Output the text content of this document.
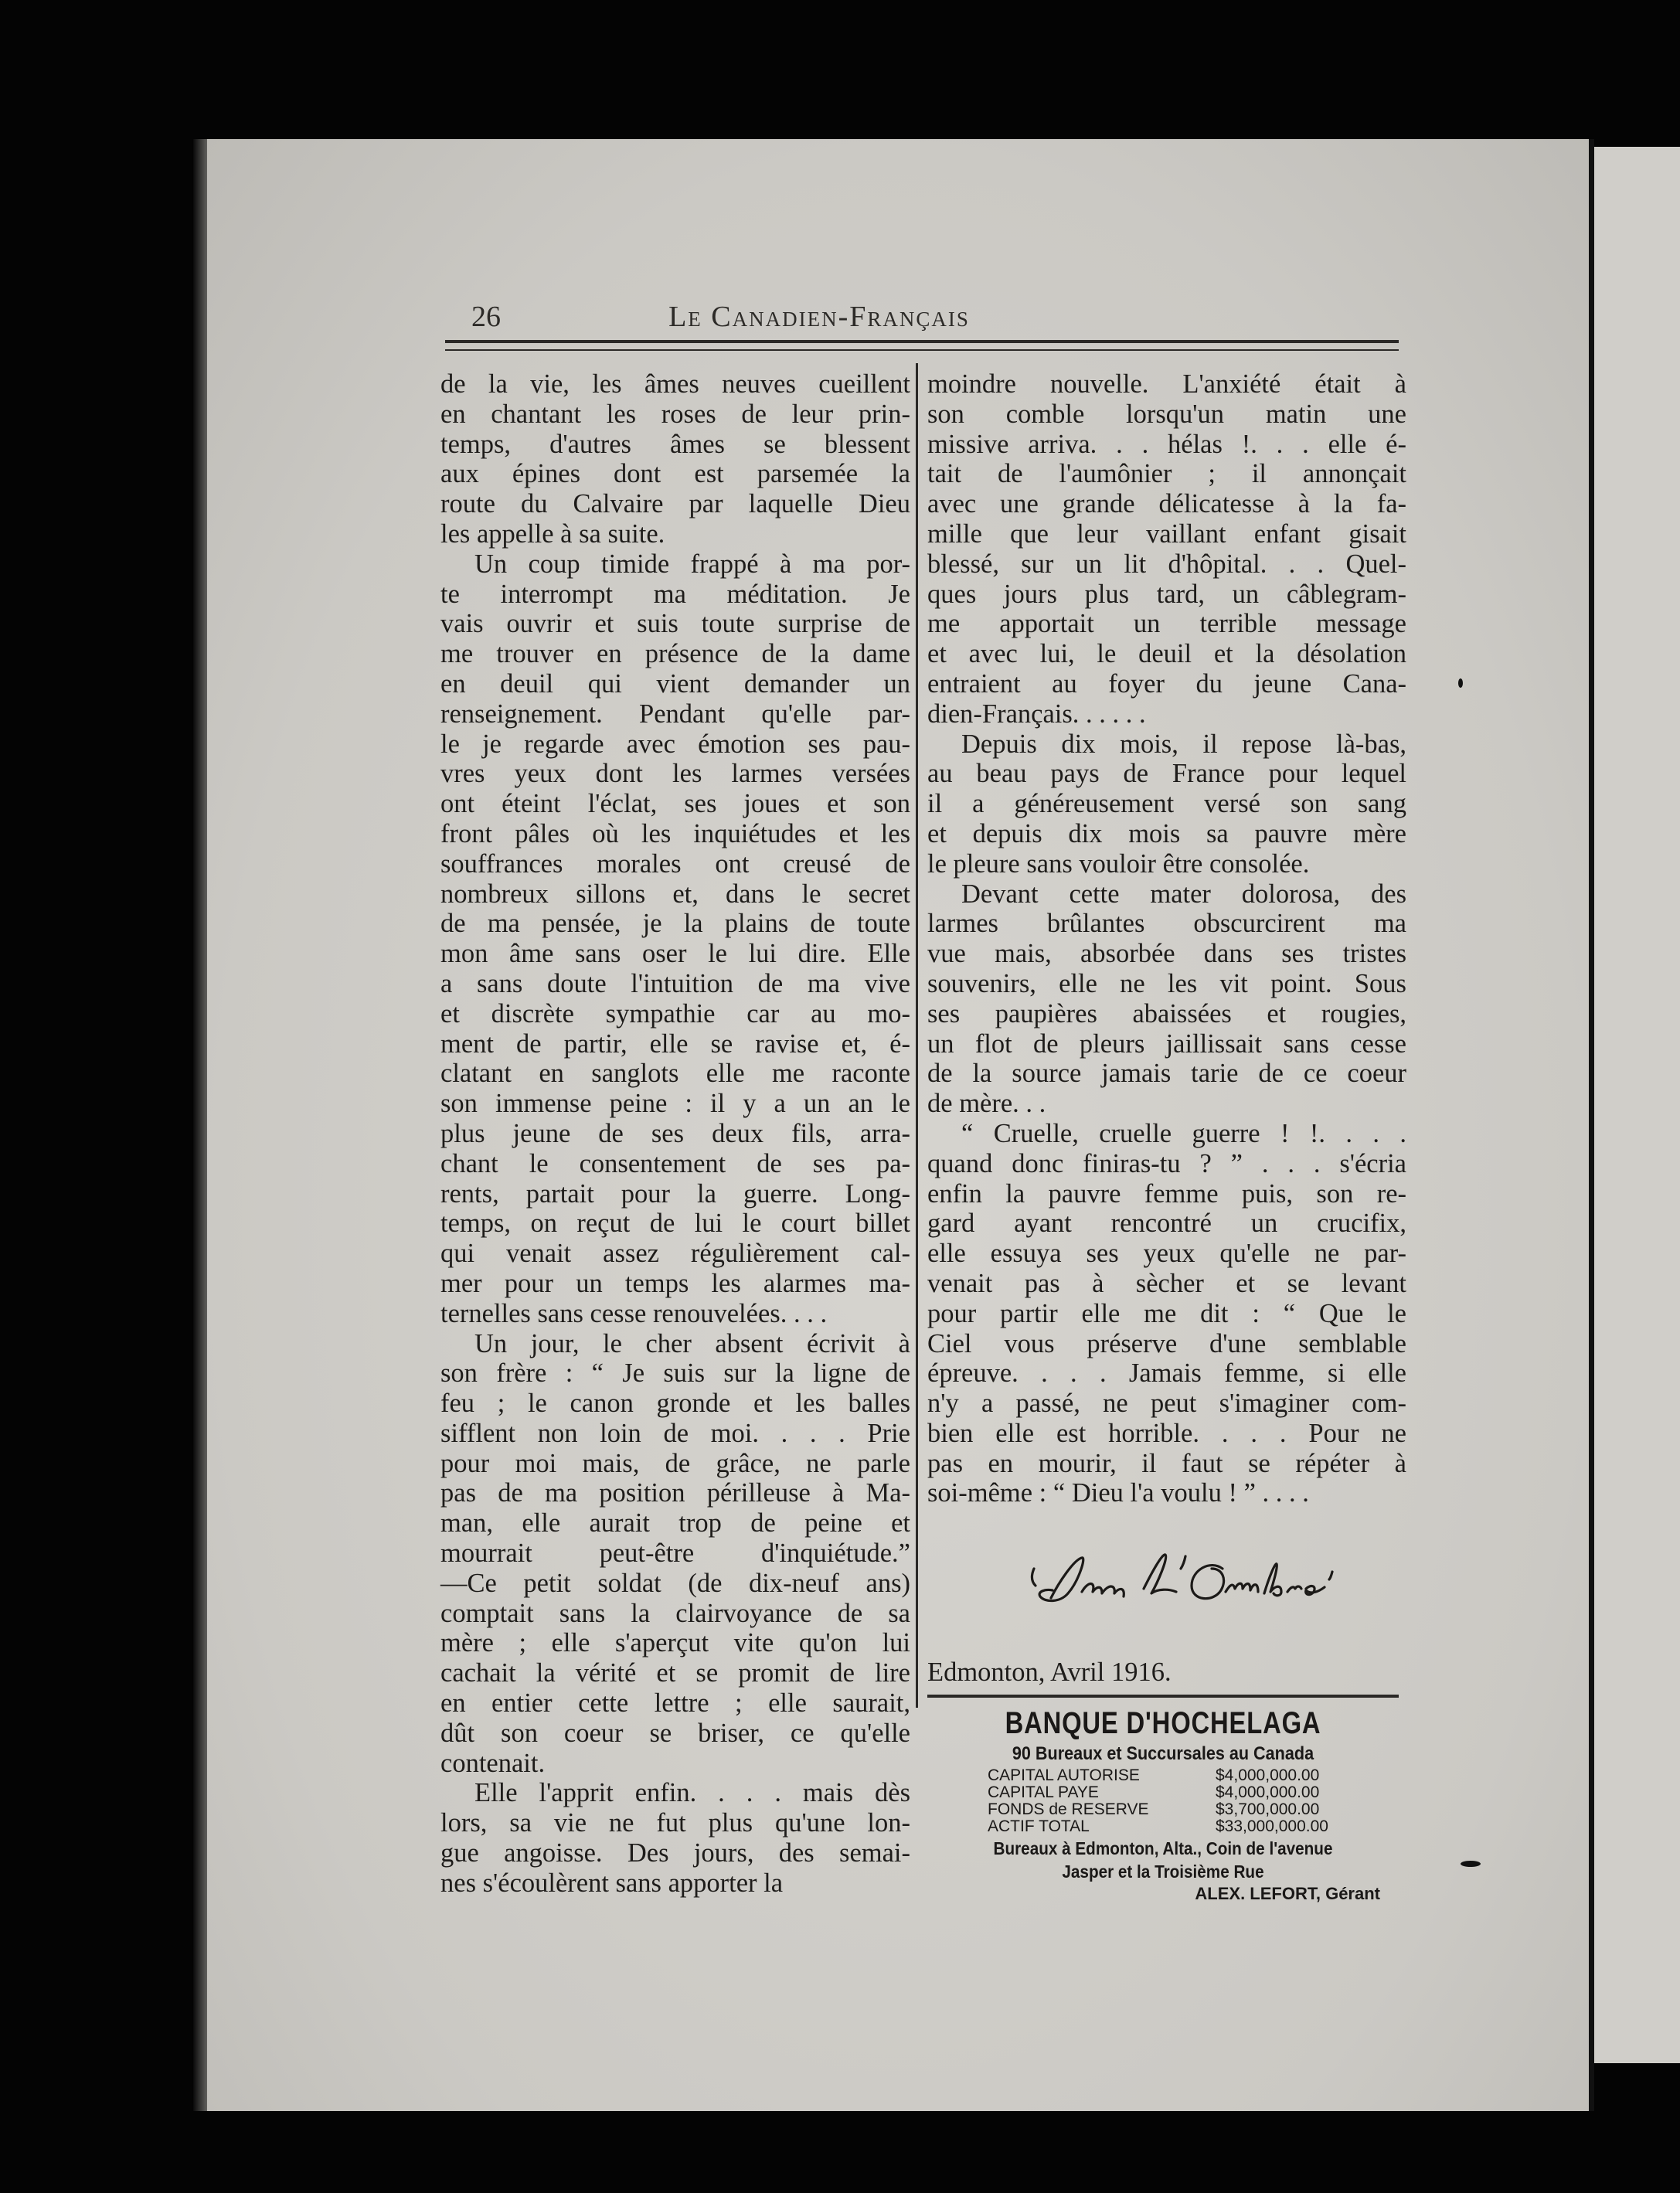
26	Le Canadien-Français

de la vie, les âmes neuves cueillent

en chantant les roses de leur prin-

temps, d'autres âmes se blessent

aux épines dont est parsemée la

route du Calvaire par laquelle Dieu

les appelle à sa suite.

Un coup timide frappé à ma por-

te interrompt ma méditation. Je

vais ouvrir et suis toute surprise de

me trouver en présence de la dame

en deuil qui vient demander un

renseignement. Pendant qu'elle par-

le je regarde avec émotion ses pau-

vres yeux dont les larmes versées

ont éteint l'éclat, ses joues et son

front pâles où les inquiétudes et les

souffrances morales ont creusé de

nombreux sillons et, dans le secret

de ma pensée, je la plains de toute

mon âme sans oser le lui dire. Elle

a sans doute l'intuition de ma vive

et discrète sympathie car au mo-

ment de partir, elle se ravise et, é-

clatant en sanglots elle me raconte

son immense peine : il y a un an le

plus jeune de ses deux fils, arra-

chant le consentement de ses pa-

rents, partait pour la guerre. Long-

temps, on reçut de lui le court billet

qui venait assez régulièrement cal-

mer pour un temps les alarmes ma-

ternelles sans cesse renouvelées. . . .

Un jour, le cher absent écrivit à

son frère : “ Je suis sur la ligne de

feu ; le canon gronde et les balles

sifflent non loin de moi. . . . Prie

pour moi mais, de grâce, ne parle

pas de ma position périlleuse à Ma-

man, elle aurait trop de peine et

mourrait peut-être d'inquiétude.”

—Ce petit soldat (de dix-neuf ans)

comptait sans la clairvoyance de sa

mère ; elle s'aperçut vite qu'on lui

cachait la vérité et se promit de lire

en entier cette lettre ; elle saurait,

dût son coeur se briser, ce qu'elle

contenait.

Elle l'apprit enfin. . . . mais dès

lors, sa vie ne fut plus qu'une lon-

gue angoisse. Des jours, des semai-

nes s'écoulèrent sans apporter la

moindre nouvelle. L'anxiété était à

son comble lorsqu'un matin une

missive arriva. . . hélas !. . . elle é-

tait de l'aumônier ; il annonçait

avec une grande délicatesse à la fa-

mille que leur vaillant enfant gisait

blessé, sur un lit d'hôpital. . . Quel-

ques jours plus tard, un câblegram-

me apportait un terrible message

et avec lui, le deuil et la désolation

entraient au foyer du jeune Cana-

dien-Français. . . . . .

Depuis dix mois, il repose là-bas,

au beau pays de France pour lequel

il a généreusement versé son sang

et depuis dix mois sa pauvre mère

le pleure sans vouloir être consolée.

Devant cette mater dolorosa, des

larmes brûlantes obscurcirent ma

vue mais, absorbée dans ses tristes

souvenirs, elle ne les vit point. Sous

ses paupières abaissées et rougies,

un flot de pleurs jaillissait sans cesse

de la source jamais tarie de ce coeur

de mère. . .

“ Cruelle, cruelle guerre ! !. . . .

quand donc finiras-tu ? ” . . . s'écria

enfin la pauvre femme puis, son re-

gard ayant rencontré un crucifix,

elle essuya ses yeux qu'elle ne par-

venait pas à sècher et se levant

pour partir elle me dit : “ Que le

Ciel vous préserve d'une semblable

épreuve. . . . Jamais femme, si elle

n'y a passé, ne peut s'imaginer com-

bien elle est horrible. . . . Pour ne

pas en mourir, il faut se répéter à

soi-même : “ Dieu l'a voulu ! ” . . . .

Edmonton, Avril 1916.
BANQUE D'HOCHELAGA
90 Bureaux et Succursales au Canada
CAPITAL AUTORISE	$4,000,000.00
CAPITAL PAYE	$4,000,000.00
FONDS de RESERVE	$3,700,000.00
ACTIF TOTAL	$33,000,000.00
Bureaux à Edmonton, Alta., Coin de l'avenue
Jasper et la Troisième Rue
ALEX. LEFORT, Gérant
